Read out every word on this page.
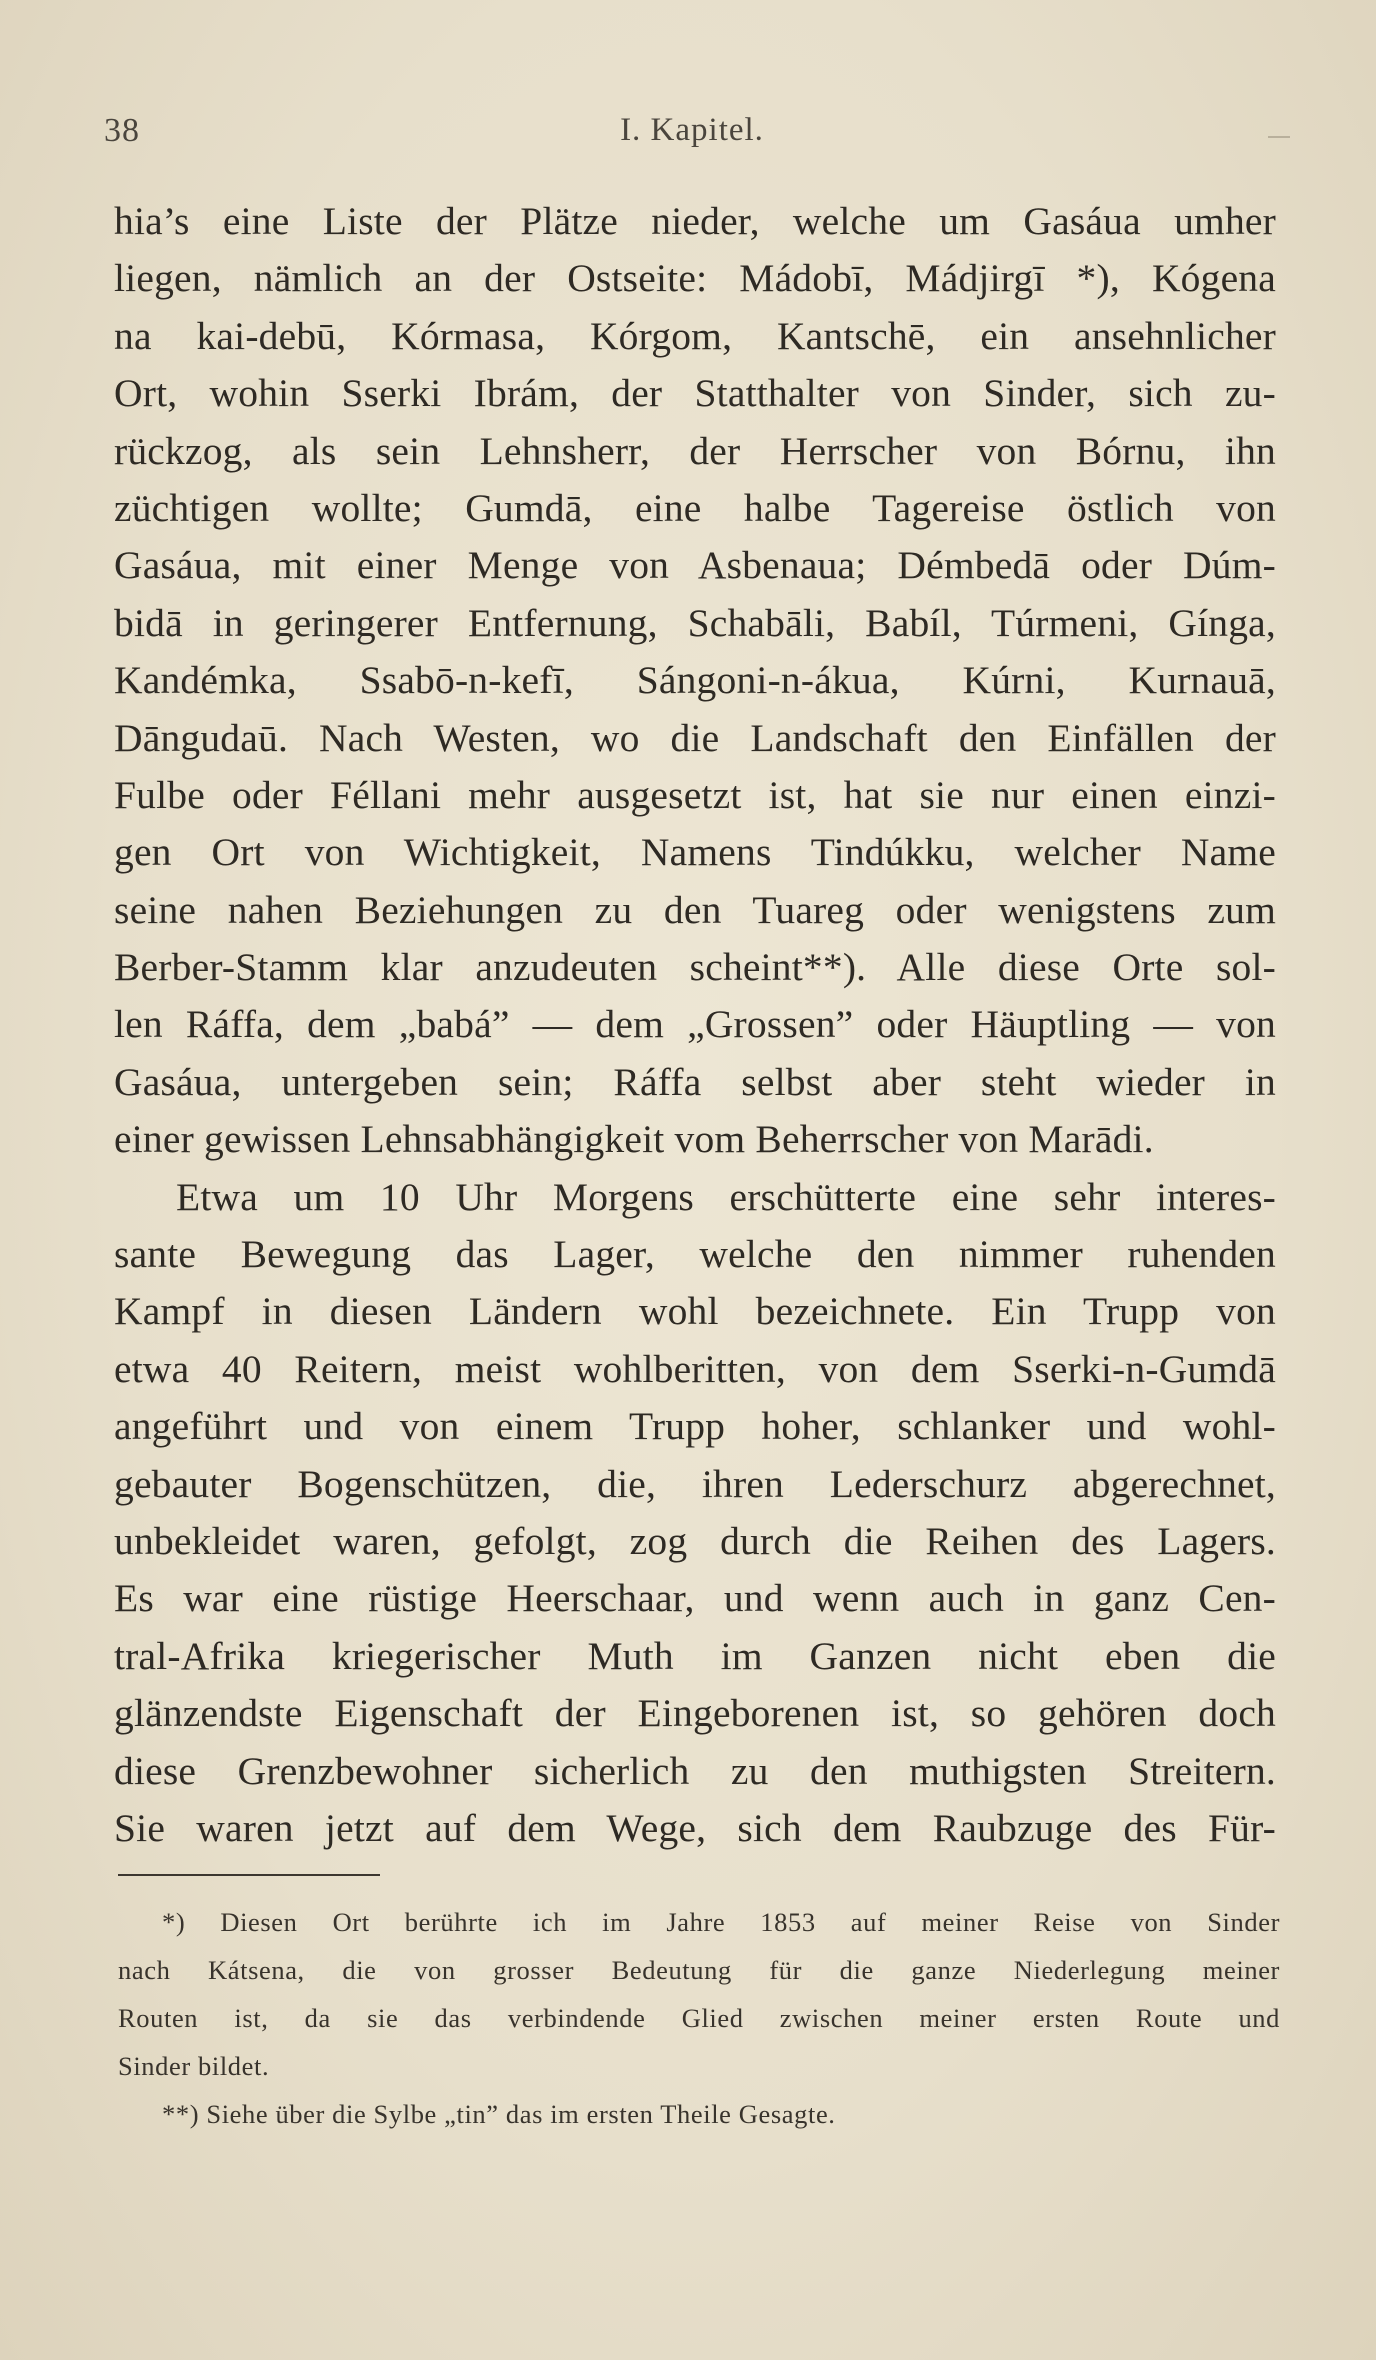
38	I. Kapitel.
hia’s eine Liste der Plätze nieder, welche um Gasáua umher
liegen, nämlich an der Ostseite: Mádobī, Mádjirgī *), Kógena
na kai-debū, Kórmasa, Kórgom, Kantschē, ein ansehnlicher
Ort, wohin Sserki Ibrám, der Statthalter von Sinder, sich zu-
rückzog, als sein Lehnsherr, der Herrscher von Bórnu, ihn
züchtigen wollte; Gumdā, eine halbe Tagereise östlich von
Gasáua, mit einer Menge von Asbenaua; Démbedā oder Dúm-
bidā in geringerer Entfernung, Schabāli, Babíl, Túrmeni, Gínga,
Kandémka, Ssabō-n-kefī, Sángoni-n-ákua, Kúrni, Kurnauā,
Dāngudaū. Nach Westen, wo die Landschaft den Einfällen der
Fulbe oder Féllani mehr ausgesetzt ist, hat sie nur einen einzi-
gen Ort von Wichtigkeit, Namens Tindúkku, welcher Name
seine nahen Beziehungen zu den Tuareg oder wenigstens zum
Berber-Stamm klar anzudeuten scheint**). Alle diese Orte sol-
len Ráffa, dem „babá” — dem „Grossen” oder Häuptling — von
Gasáua, untergeben sein; Ráffa selbst aber steht wieder in
einer gewissen Lehnsabhängigkeit vom Beherrscher von Marādi.
Etwa um 10 Uhr Morgens erschütterte eine sehr interes-
sante Bewegung das Lager, welche den nimmer ruhenden
Kampf in diesen Ländern wohl bezeichnete. Ein Trupp von
etwa 40 Reitern, meist wohlberitten, von dem Sserki-n-Gumdā
angeführt und von einem Trupp hoher, schlanker und wohl-
gebauter Bogenschützen, die, ihren Lederschurz abgerechnet,
unbekleidet waren, gefolgt, zog durch die Reihen des Lagers.
Es war eine rüstige Heerschaar, und wenn auch in ganz Cen-
tral-Afrika kriegerischer Muth im Ganzen nicht eben die
glänzendste Eigenschaft der Eingeborenen ist, so gehören doch
diese Grenzbewohner sicherlich zu den muthigsten Streitern.
Sie waren jetzt auf dem Wege, sich dem Raubzuge des Für-
*) Diesen Ort berührte ich im Jahre 1853 auf meiner Reise von Sinder
nach Kátsena, die von grosser Bedeutung für die ganze Niederlegung meiner
Routen ist, da sie das verbindende Glied zwischen meiner ersten Route und
Sinder bildet.
**) Siehe über die Sylbe „tin” das im ersten Theile Gesagte.
